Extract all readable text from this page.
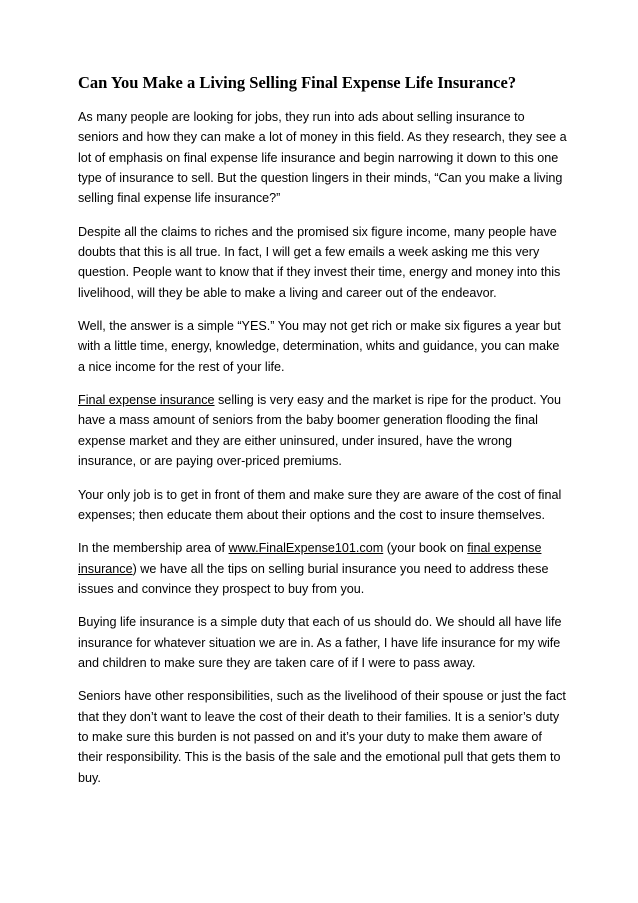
Can You Make a Living Selling Final Expense Life Insurance?

As many people are looking for jobs, they run into ads about selling insurance to seniors and how they can make a lot of money in this field. As they research, they see a lot of emphasis on final expense life insurance and begin narrowing it down to this one type of insurance to sell. But the question lingers in their minds, “Can you make a living selling final expense life insurance?”

Despite all the claims to riches and the promised six figure income, many people have doubts that this is all true. In fact, I will get a few emails a week asking me this very question. People want to know that if they invest their time, energy and money into this livelihood, will they be able to make a living and career out of the endeavor.

Well, the answer is a simple “YES.” You may not get rich or make six figures a year but with a little time, energy, knowledge, determination, whits and guidance, you can make a nice income for the rest of your life.

Final expense insurance selling is very easy and the market is ripe for the product. You have a mass amount of seniors from the baby boomer generation flooding the final expense market and they are either uninsured, under insured, have the wrong insurance, or are paying over-priced premiums.

Your only job is to get in front of them and make sure they are aware of the cost of final expenses; then educate them about their options and the cost to insure themselves.

In the membership area of www.FinalExpense101.com (your book on final expense insurance) we have all the tips on selling burial insurance you need to address these issues and convince they prospect to buy from you.

Buying life insurance is a simple duty that each of us should do. We should all have life insurance for whatever situation we are in. As a father, I have life insurance for my wife and children to make sure they are taken care of if I were to pass away.

Seniors have other responsibilities, such as the livelihood of their spouse or just the fact that they don’t want to leave the cost of their death to their families. It is a senior’s duty to make sure this burden is not passed on and it’s your duty to make them aware of their responsibility. This is the basis of the sale and the emotional pull that gets them to buy.
